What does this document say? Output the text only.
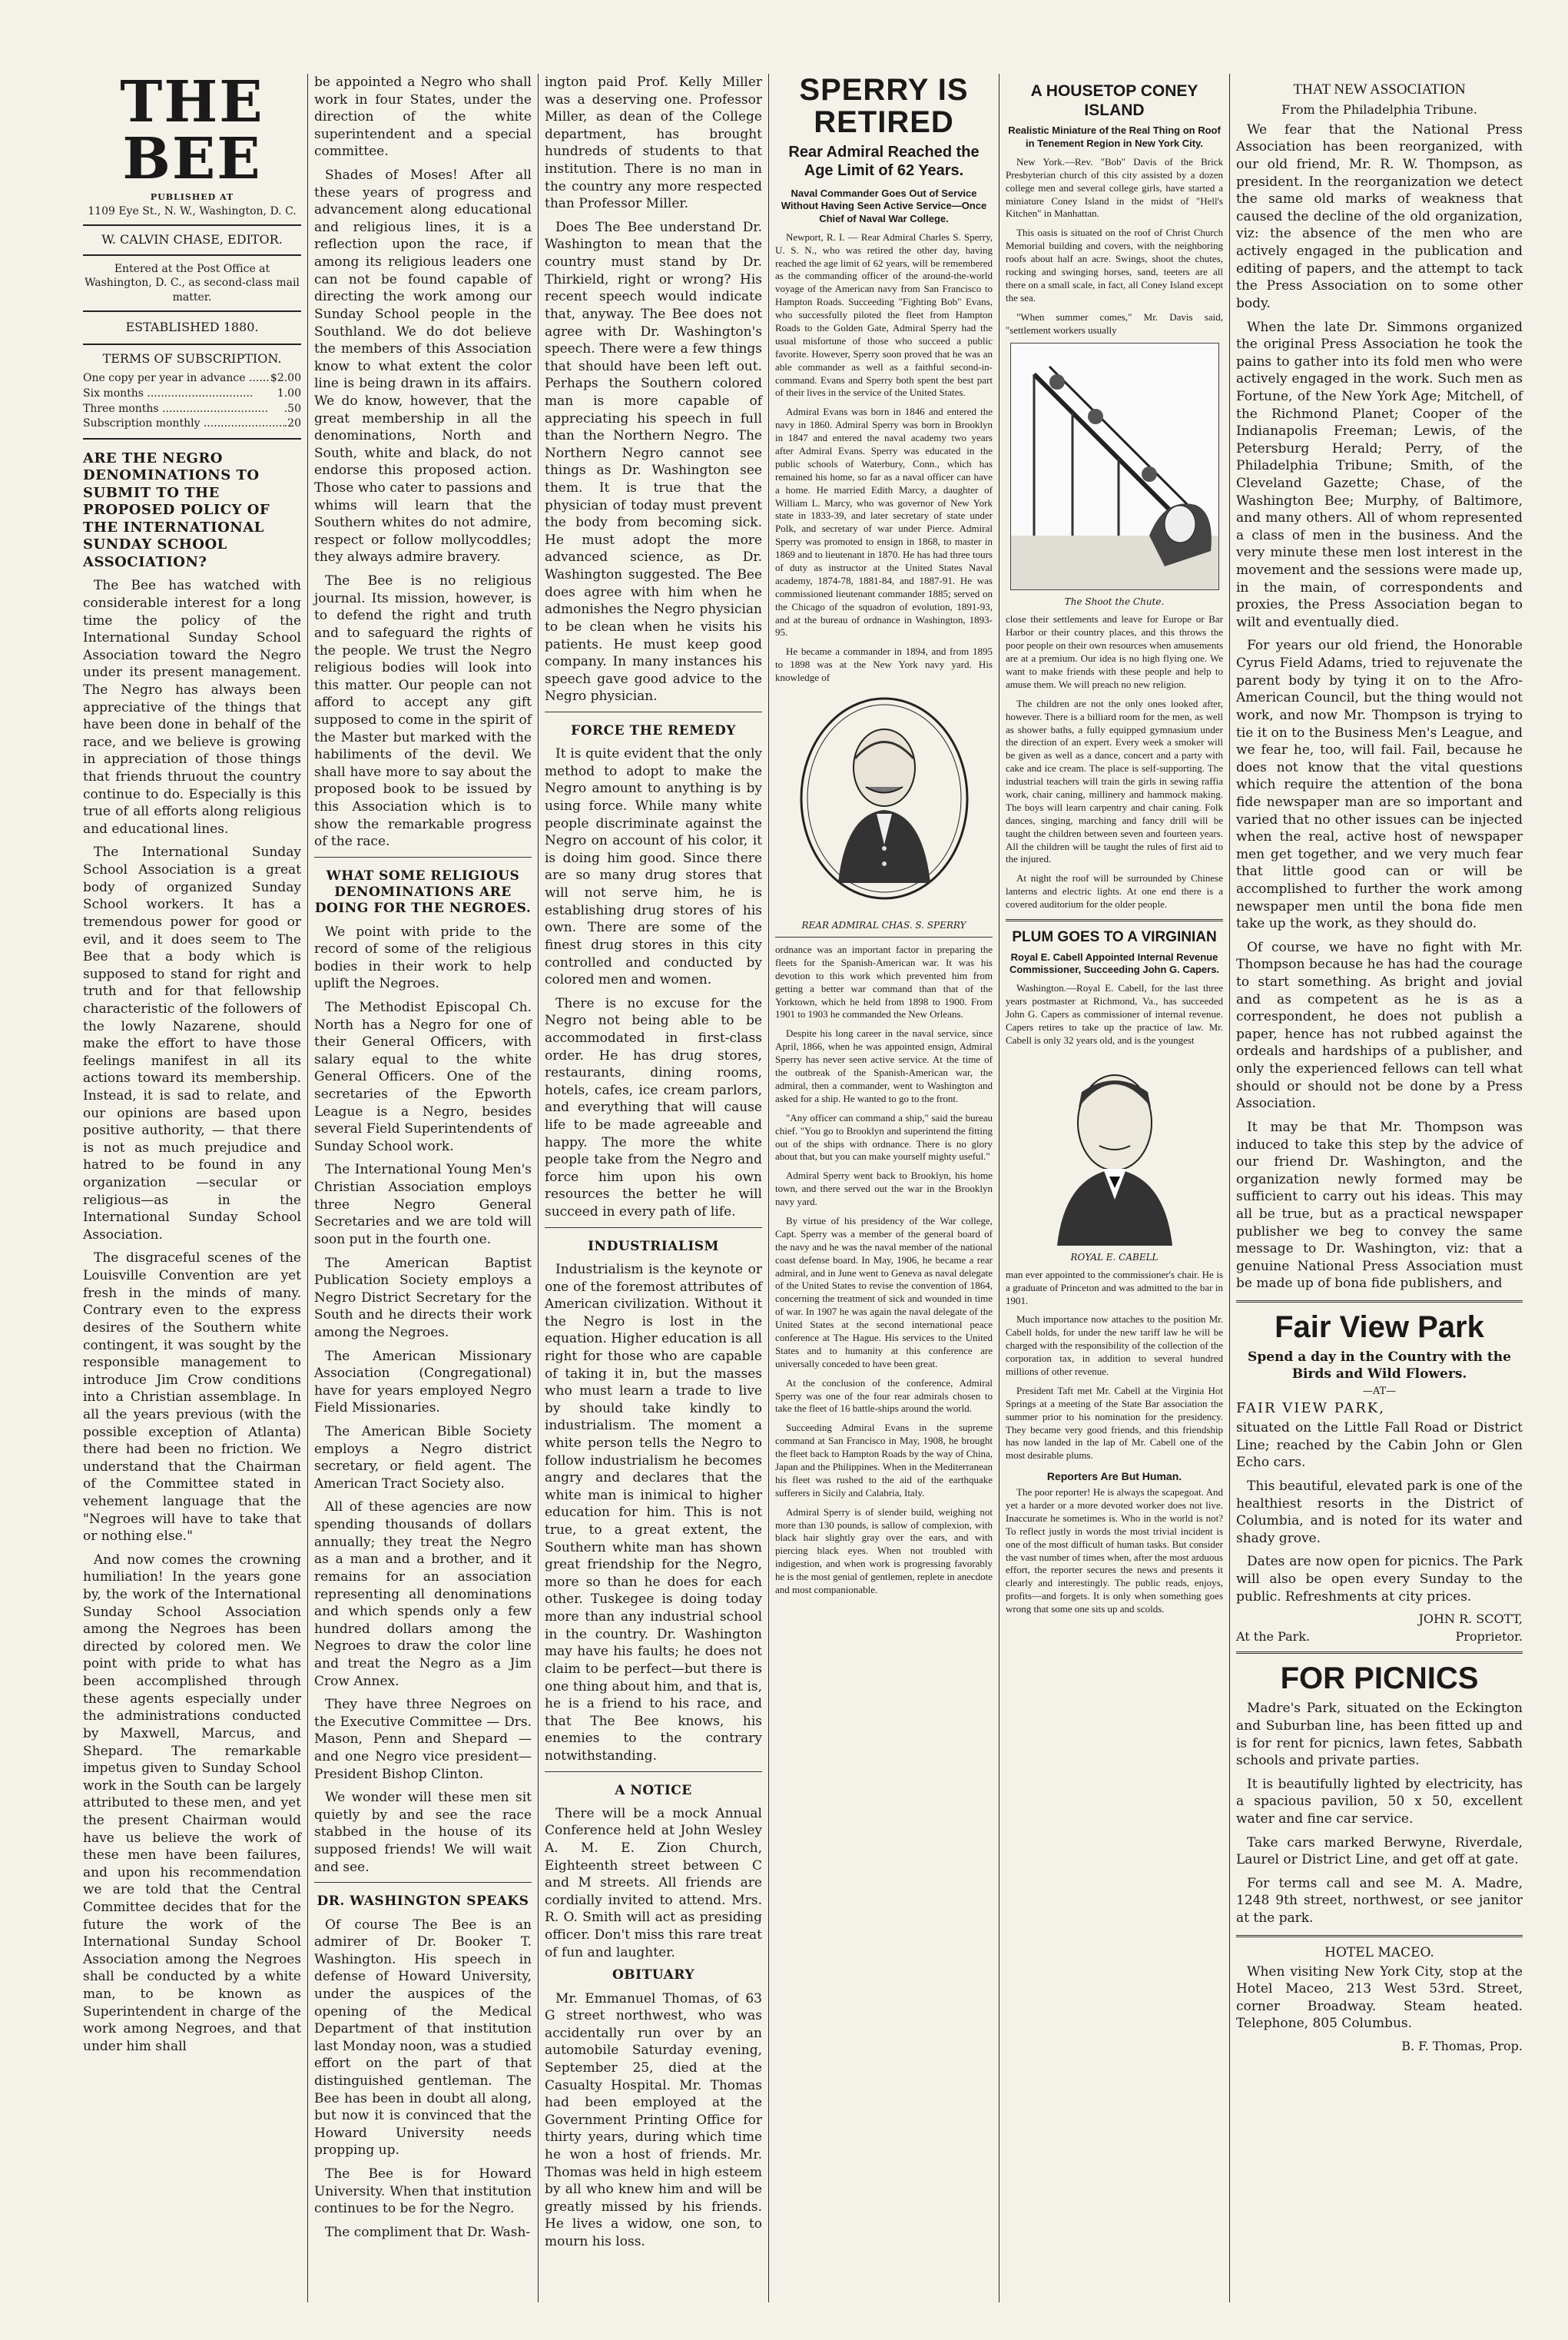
THE BEE
PUBLISHED AT
1109 Eye St., N. W., Washington, D. C.
W. CALVIN CHASE, EDITOR.
Entered at the Post Office at Washington, D. C., as second-class mail matter.
ESTABLISHED 1880.
TERMS OF SUBSCRIPTION.
One copy per year in advance .....	$2.00
Six months .....	1.00
Three months .....	.50
Subscription monthly .....	.20
ARE THE NEGRO DENOMINATIONS TO SUBMIT TO THE PROPOSED POLICY OF THE INTERNATIONAL SUNDAY SCHOOL ASSOCIATION?

The Bee has watched with considerable interest for a long time the policy of the International Sunday School Association toward the Negro under its present management. The Negro has always been appreciative of the things that have been done in behalf of the race, and we believe is growing in appreciation of those things that friends thruout the country continue to do. Especially is this true of all efforts along religious and educational lines.

The International Sunday School Association is a great body of organized Sunday School workers. It has a tremendous power for good or evil, and it does seem to The Bee that a body which is supposed to stand for right and truth and for that fellowship characteristic of the followers of the lowly Nazarene, should make the effort to have those feelings manifest in all its actions toward its membership. Instead, it is sad to relate, and our opinions are based upon positive authority, — that there is not as much prejudice and hatred to be found in any organization —secular or religious—as in the International Sunday School Association.

The disgraceful scenes of the Louisville Convention are yet fresh in the minds of many. Contrary even to the express desires of the Southern white contingent, it was sought by the responsible management to introduce Jim Crow conditions into a Christian assemblage. In all the years previous (with the possible exception of Atlanta) there had been no friction. We understand that the Chairman of the Committee stated in vehement language that the "Negroes will have to take that or nothing else."

And now comes the crowning humiliation! In the years gone by, the work of the International Sunday School Association among the Negroes has been directed by colored men. We point with pride to what has been accomplished through these agents especially under the administrations conducted by Maxwell, Marcus, and Shepard. The remarkable impetus given to Sunday School work in the South can be largely attributed to these men, and yet the present Chairman would have us believe the work of these men have been failures, and upon his recommendation we are told that the Central Committee decides that for the future the work of the International Sunday School Association among the Negroes shall be conducted by a white man, to be known as Superintendent in charge of the work among Negroes, and that under him shall

be appointed a Negro who shall work in four States, under the direction of the white superintendent and a special committee.

Shades of Moses! After all these years of progress and advancement along educational and religious lines, it is a reflection upon the race, if among its religious leaders one can not be found capable of directing the work among our Sunday School people in the Southland. We do dot believe the members of this Association know to what extent the color line is being drawn in its affairs. We do know, however, that the great membership in all the denominations, North and South, white and black, do not endorse this proposed action. Those who cater to passions and whims will learn that the Southern whites do not admire, respect or follow mollycoddles; they always admire bravery.

The Bee is no religious journal. Its mission, however, is to defend the right and truth and to safeguard the rights of the people. We trust the Negro religious bodies will look into this matter. Our people can not afford to accept any gift supposed to come in the spirit of the Master but marked with the habiliments of the devil. We shall have more to say about the proposed book to be issued by this Association which is to show the remarkable progress of the race.

WHAT SOME RELIGIOUS DENOMINATIONS ARE DOING FOR THE NEGROES.

We point with pride to the record of some of the religious bodies in their work to help uplift the Negroes.

The Methodist Episcopal Ch. North has a Negro for one of their General Officers, with salary equal to the white General Officers. One of the secretaries of the Epworth League is a Negro, besides several Field Superintendents of Sunday School work.

The International Young Men's Christian Association employs three Negro General Secretaries and we are told will soon put in the fourth one.

The American Baptist Publication Society employs a Negro District Secretary for the South and he directs their work among the Negroes.

The American Missionary Association (Congregational) have for years employed Negro Field Missionaries.

The American Bible Society employs a Negro district secretary, or field agent. The American Tract Society also.

All of these agencies are now spending thousands of dollars annually; they treat the Negro as a man and a brother, and it remains for an association representing all denominations and which spends only a few hundred dollars among the Negroes to draw the color line and treat the Negro as a Jim Crow Annex.

They have three Negroes on the Executive Committee — Drs. Mason, Penn and Shepard — and one Negro vice president—President Bishop Clinton.

We wonder will these men sit quietly by and see the race stabbed in the house of its supposed friends! We will wait and see.

DR. WASHINGTON SPEAKS

Of course The Bee is an admirer of Dr. Booker T. Washington. His speech in defense of Howard University, under the auspices of the opening of the Medical Department of that institution last Monday noon, was a studied effort on the part of that distinguished gentleman. The Bee has been in doubt all along, but now it is convinced that the Howard University needs propping up.

The Bee is for Howard University. When that institution continues to be for the Negro.

The compliment that Dr. Wash-

ington paid Prof. Kelly Miller was a deserving one. Professor Miller, as dean of the College department, has brought hundreds of students to that institution. There is no man in the country any more respected than Professor Miller.

Does The Bee understand Dr. Washington to mean that the country must stand by Dr. Thirkield, right or wrong? His recent speech would indicate that, anyway. The Bee does not agree with Dr. Washington's speech. There were a few things that should have been left out. Perhaps the Southern colored man is more capable of appreciating his speech in full than the Northern Negro. The Northern Negro cannot see things as Dr. Washington see them. It is true that the physician of today must prevent the body from becoming sick. He must adopt the more advanced science, as Dr. Washington suggested. The Bee does agree with him when he admonishes the Negro physician to be clean when he visits his patients. He must keep good company. In many instances his speech gave good advice to the Negro physician.

FORCE THE REMEDY

It is quite evident that the only method to adopt to make the Negro amount to anything is by using force. While many white people discriminate against the Negro on account of his color, it is doing him good. Since there are so many drug stores that will not serve him, he is establishing drug stores of his own. There are some of the finest drug stores in this city controlled and conducted by colored men and women.

There is no excuse for the Negro not being able to be accommodated in first-class order. He has drug stores, restaurants, dining rooms, hotels, cafes, ice cream parlors, and everything that will cause life to be made agreeable and happy. The more the white people take from the Negro and force him upon his own resources the better he will succeed in every path of life.

INDUSTRIALISM

Industrialism is the keynote or one of the foremost attributes of American civilization. Without it the Negro is lost in the equation. Higher education is all right for those who are capable of taking it in, but the masses who must learn a trade to live by should take kindly to industrialism. The moment a white person tells the Negro to follow industrialism he becomes angry and declares that the white man is inimical to higher education for him. This is not true, to a great extent, the Southern white man has shown great friendship for the Negro, more so than he does for each other. Tuskegee is doing today more than any industrial school in the country. Dr. Washington may have his faults; he does not claim to be perfect—but there is one thing about him, and that is, he is a friend to his race, and that The Bee knows, his enemies to the contrary notwithstanding.

A NOTICE

There will be a mock Annual Conference held at John Wesley A. M. E. Zion Church, Eighteenth street between C and M streets. All friends are cordially invited to attend. Mrs. R. O. Smith will act as presiding officer. Don't miss this rare treat of fun and laughter.

OBITUARY

Mr. Emmanuel Thomas, of 63 G street northwest, who was accidentally run over by an automobile Saturday evening, September 25, died at the Casualty Hospital. Mr. Thomas had been employed at the Government Printing Office for thirty years, during which time he won a host of friends. Mr. Thomas was held in high esteem by all who knew him and will be greatly missed by his friends. He lives a widow, one son, to mourn his loss.

SPERRY IS RETIRED
Rear Admiral Reached the Age Limit of 62 Years.
Naval Commander Goes Out of Service Without Having Seen Active Service—Once Chief of Naval War College.

Newport, R. I. — Rear Admiral Charles S. Sperry, U. S. N., who was retired the other day, having reached the age limit of 62 years, will be remembered as the commanding officer of the around-the-world voyage of the American navy from San Francisco to Hampton Roads. Succeeding "Fighting Bob" Evans, who successfully piloted the fleet from Hampton Roads to the Golden Gate, Admiral Sperry had the usual misfortune of those who succeed a public favorite. However, Sperry soon proved that he was an able commander as well as a faithful second-in-command. Evans and Sperry both spent the best part of their lives in the service of the United States.

Admiral Evans was born in 1846 and entered the navy in 1860. Admiral Sperry was born in Brooklyn in 1847 and entered the naval academy two years after Admiral Evans. Sperry was educated in the public schools of Waterbury, Conn., which has remained his home, so far as a naval officer can have a home. He married Edith Marcy, a daughter of William L. Marcy, who was governor of New York state in 1833-39, and later secretary of state under Polk, and secretary of war under Pierce. Admiral Sperry was promoted to ensign in 1868, to master in 1869 and to lieutenant in 1870. He has had three tours of duty as instructor at the United States Naval academy, 1874-78, 1881-84, and 1887-91. He was commissioned lieutenant commander 1885; served on the Chicago of the squadron of evolution, 1891-93, and at the bureau of ordnance in Washington, 1893-95.

He became a commander in 1894, and from 1895 to 1898 was at the New York navy yard. His knowledge of

REAR ADMIRAL CHAS. S. SPERRY

ordnance was an important factor in preparing the fleets for the Spanish-American war. It was his devotion to this work which prevented him from getting a better war command than that of the Yorktown, which he held from 1898 to 1900. From 1901 to 1903 he commanded the New Orleans.

Despite his long career in the naval service, since April, 1866, when he was appointed ensign, Admiral Sperry has never seen active service. At the time of the outbreak of the Spanish-American war, the admiral, then a commander, went to Washington and asked for a ship. He wanted to go to the front.

"Any officer can command a ship," said the bureau chief. "You go to Brooklyn and superintend the fitting out of the ships with ordnance. There is no glory about that, but you can make yourself mighty useful."

Admiral Sperry went back to Brooklyn, his home town, and there served out the war in the Brooklyn navy yard.

By virtue of his presidency of the War college, Capt. Sperry was a member of the general board of the navy and he was the naval member of the national coast defense board. In May, 1906, he became a rear admiral, and in June went to Geneva as naval delegate of the United States to revise the convention of 1864, concerning the treatment of sick and wounded in time of war. In 1907 he was again the naval delegate of the United States at the second international peace conference at The Hague. His services to the United States and to humanity at this conference are universally conceded to have been great.

At the conclusion of the conference, Admiral Sperry was one of the four rear admirals chosen to take the fleet of 16 battle-ships around the world.

Succeeding Admiral Evans in the supreme command at San Francisco in May, 1908, he brought the fleet back to Hampton Roads by the way of China, Japan and the Philippines. When in the Mediterranean his fleet was rushed to the aid of the earthquake sufferers in Sicily and Calabria, Italy.

Admiral Sperry is of slender build, weighing not more than 130 pounds, is sallow of complexion, with black hair slightly gray over the ears, and with piercing black eyes. When not troubled with indigestion, and when work is progressing favorably he is the most genial of gentlemen, replete in anecdote and most companionable.

A HOUSETOP CONEY ISLAND
Realistic Miniature of the Real Thing on Roof in Tenement Region in New York City.

New York.—Rev. "Bob" Davis of the Brick Presbyterian church of this city assisted by a dozen college men and several college girls, have started a miniature Coney Island in the midst of "Hell's Kitchen" in Manhattan.

This oasis is situated on the roof of Christ Church Memorial building and covers, with the neighboring roofs about half an acre. Swings, shoot the chutes, rocking and swinging horses, sand, teeters are all there on a small scale, in fact, all Coney Island except the sea.

"When summer comes," Mr. Davis said, "settlement workers usually

The Shoot the Chute.

close their settlements and leave for Europe or Bar Harbor or their country places, and this throws the poor people on their own resources when amusements are at a premium. Our idea is no high flying one. We want to make friends with these people and help to amuse them. We will preach no new religion.

The children are not the only ones looked after, however. There is a billiard room for the men, as well as shower baths, a fully equipped gymnasium under the direction of an expert. Every week a smoker will be given as well as a dance, concert and a party with cake and ice cream. The place is self-supporting. The industrial teachers will train the girls in sewing raffia work, chair caning, millinery and hammock making. The boys will learn carpentry and chair caning. Folk dances, singing, marching and fancy drill will be taught the children between seven and fourteen years. All the children will be taught the rules of first aid to the injured.

At night the roof will be surrounded by Chinese lanterns and electric lights. At one end there is a covered auditorium for the older people.

PLUM GOES TO A VIRGINIAN
Royal E. Cabell Appointed Internal Revenue Commissioner, Succeeding John G. Capers.

Washington.—Royal E. Cabell, for the last three years postmaster at Richmond, Va., has succeeded John G. Capers as commissioner of internal revenue. Capers retires to take up the practice of law. Mr. Cabell is only 32 years old, and is the youngest

ROYAL E. CABELL

man ever appointed to the commissioner's chair. He is a graduate of Princeton and was admitted to the bar in 1901.

Much importance now attaches to the position Mr. Cabell holds, for under the new tariff law he will be charged with the responsibility of the collection of the corporation tax, in addition to several hundred millions of other revenue.

President Taft met Mr. Cabell at the Virginia Hot Springs at a meeting of the State Bar association the summer prior to his nomination for the presidency. They became very good friends, and this friendship has now landed in the lap of Mr. Cabell one of the most desirable plums.

Reporters Are But Human.

The poor reporter! He is always the scapegoat. And yet a harder or a more devoted worker does not live. Inaccurate he sometimes is. Who in the world is not? To reflect justly in words the most trivial incident is one of the most difficult of human tasks. But consider the vast number of times when, after the most arduous effort, the reporter secures the news and presents it clearly and interestingly. The public reads, enjoys, profits—and forgets. It is only when something goes wrong that some one sits up and scolds.

THAT NEW ASSOCIATION
From the Philadelphia Tribune.

We fear that the National Press Association has been reorganized, with our old friend, Mr. R. W. Thompson, as president. In the reorganization we detect the same old marks of weakness that caused the decline of the old organization, viz: the absence of the men who are actively engaged in the publication and editing of papers, and the attempt to tack the Press Association on to some other body.

When the late Dr. Simmons organized the original Press Association he took the pains to gather into its fold men who were actively engaged in the work. Such men as Fortune, of the New York Age; Mitchell, of the Richmond Planet; Cooper of the Indianapolis Freeman; Lewis, of the Petersburg Herald; Perry, of the Philadelphia Tribune; Smith, of the Cleveland Gazette; Chase, of the Washington Bee; Murphy, of Baltimore, and many others. All of whom represented a class of men in the business. And the very minute these men lost interest in the movement and the sessions were made up, in the main, of correspondents and proxies, the Press Association began to wilt and eventually died.

For years our old friend, the Honorable Cyrus Field Adams, tried to rejuvenate the parent body by tying it on to the Afro-American Council, but the thing would not work, and now Mr. Thompson is trying to tie it on to the Business Men's League, and we fear he, too, will fail. Fail, because he does not know that the vital questions which require the attention of the bona fide newspaper man are so important and varied that no other issues can be injected when the real, active host of newspaper men get together, and we very much fear that little good can or will be accomplished to further the work among newspaper men until the bona fide men take up the work, as they should do.

Of course, we have no fight with Mr. Thompson because he has had the courage to start something. As bright and jovial and as competent as he is as a correspondent, he does not publish a paper, hence has not rubbed against the ordeals and hardships of a publisher, and only the experienced fellows can tell what should or should not be done by a Press Association.

It may be that Mr. Thompson was induced to take this step by the advice of our friend Dr. Washington, and the organization newly formed may be sufficient to carry out his ideas. This may all be true, but as a practical newspaper publisher we beg to convey the same message to Dr. Washington, viz: that a genuine National Press Association must be made up of bona fide publishers, and

Fair View Park
Spend a day in the Country with the Birds and Wild Flowers.
—AT—
FAIR VIEW PARK,

situated on the Little Fall Road or District Line; reached by the Cabin John or Glen Echo cars.

This beautiful, elevated park is one of the healthiest resorts in the District of Columbia, and is noted for its water and shady grove.

Dates are now open for picnics. The Park will also be open every Sunday to the public. Refreshments at city prices.

JOHN R. SCOTT,
At the Park.	Proprietor.
FOR PICNICS

Madre's Park, situated on the Eckington and Suburban line, has been fitted up and is for rent for picnics, lawn fetes, Sabbath schools and private parties.

It is beautifully lighted by electricity, has a spacious pavilion, 50 x 50, excellent water and fine car service.

Take cars marked Berwyne, Riverdale, Laurel or District Line, and get off at gate.

For terms call and see M. A. Madre, 1248 9th street, northwest, or see janitor at the park.

HOTEL MACEO.

When visiting New York City, stop at the Hotel Maceo, 213 West 53rd. Street, corner Broadway. Steam heated. Telephone, 805 Columbus.

B. F. Thomas, Prop.
